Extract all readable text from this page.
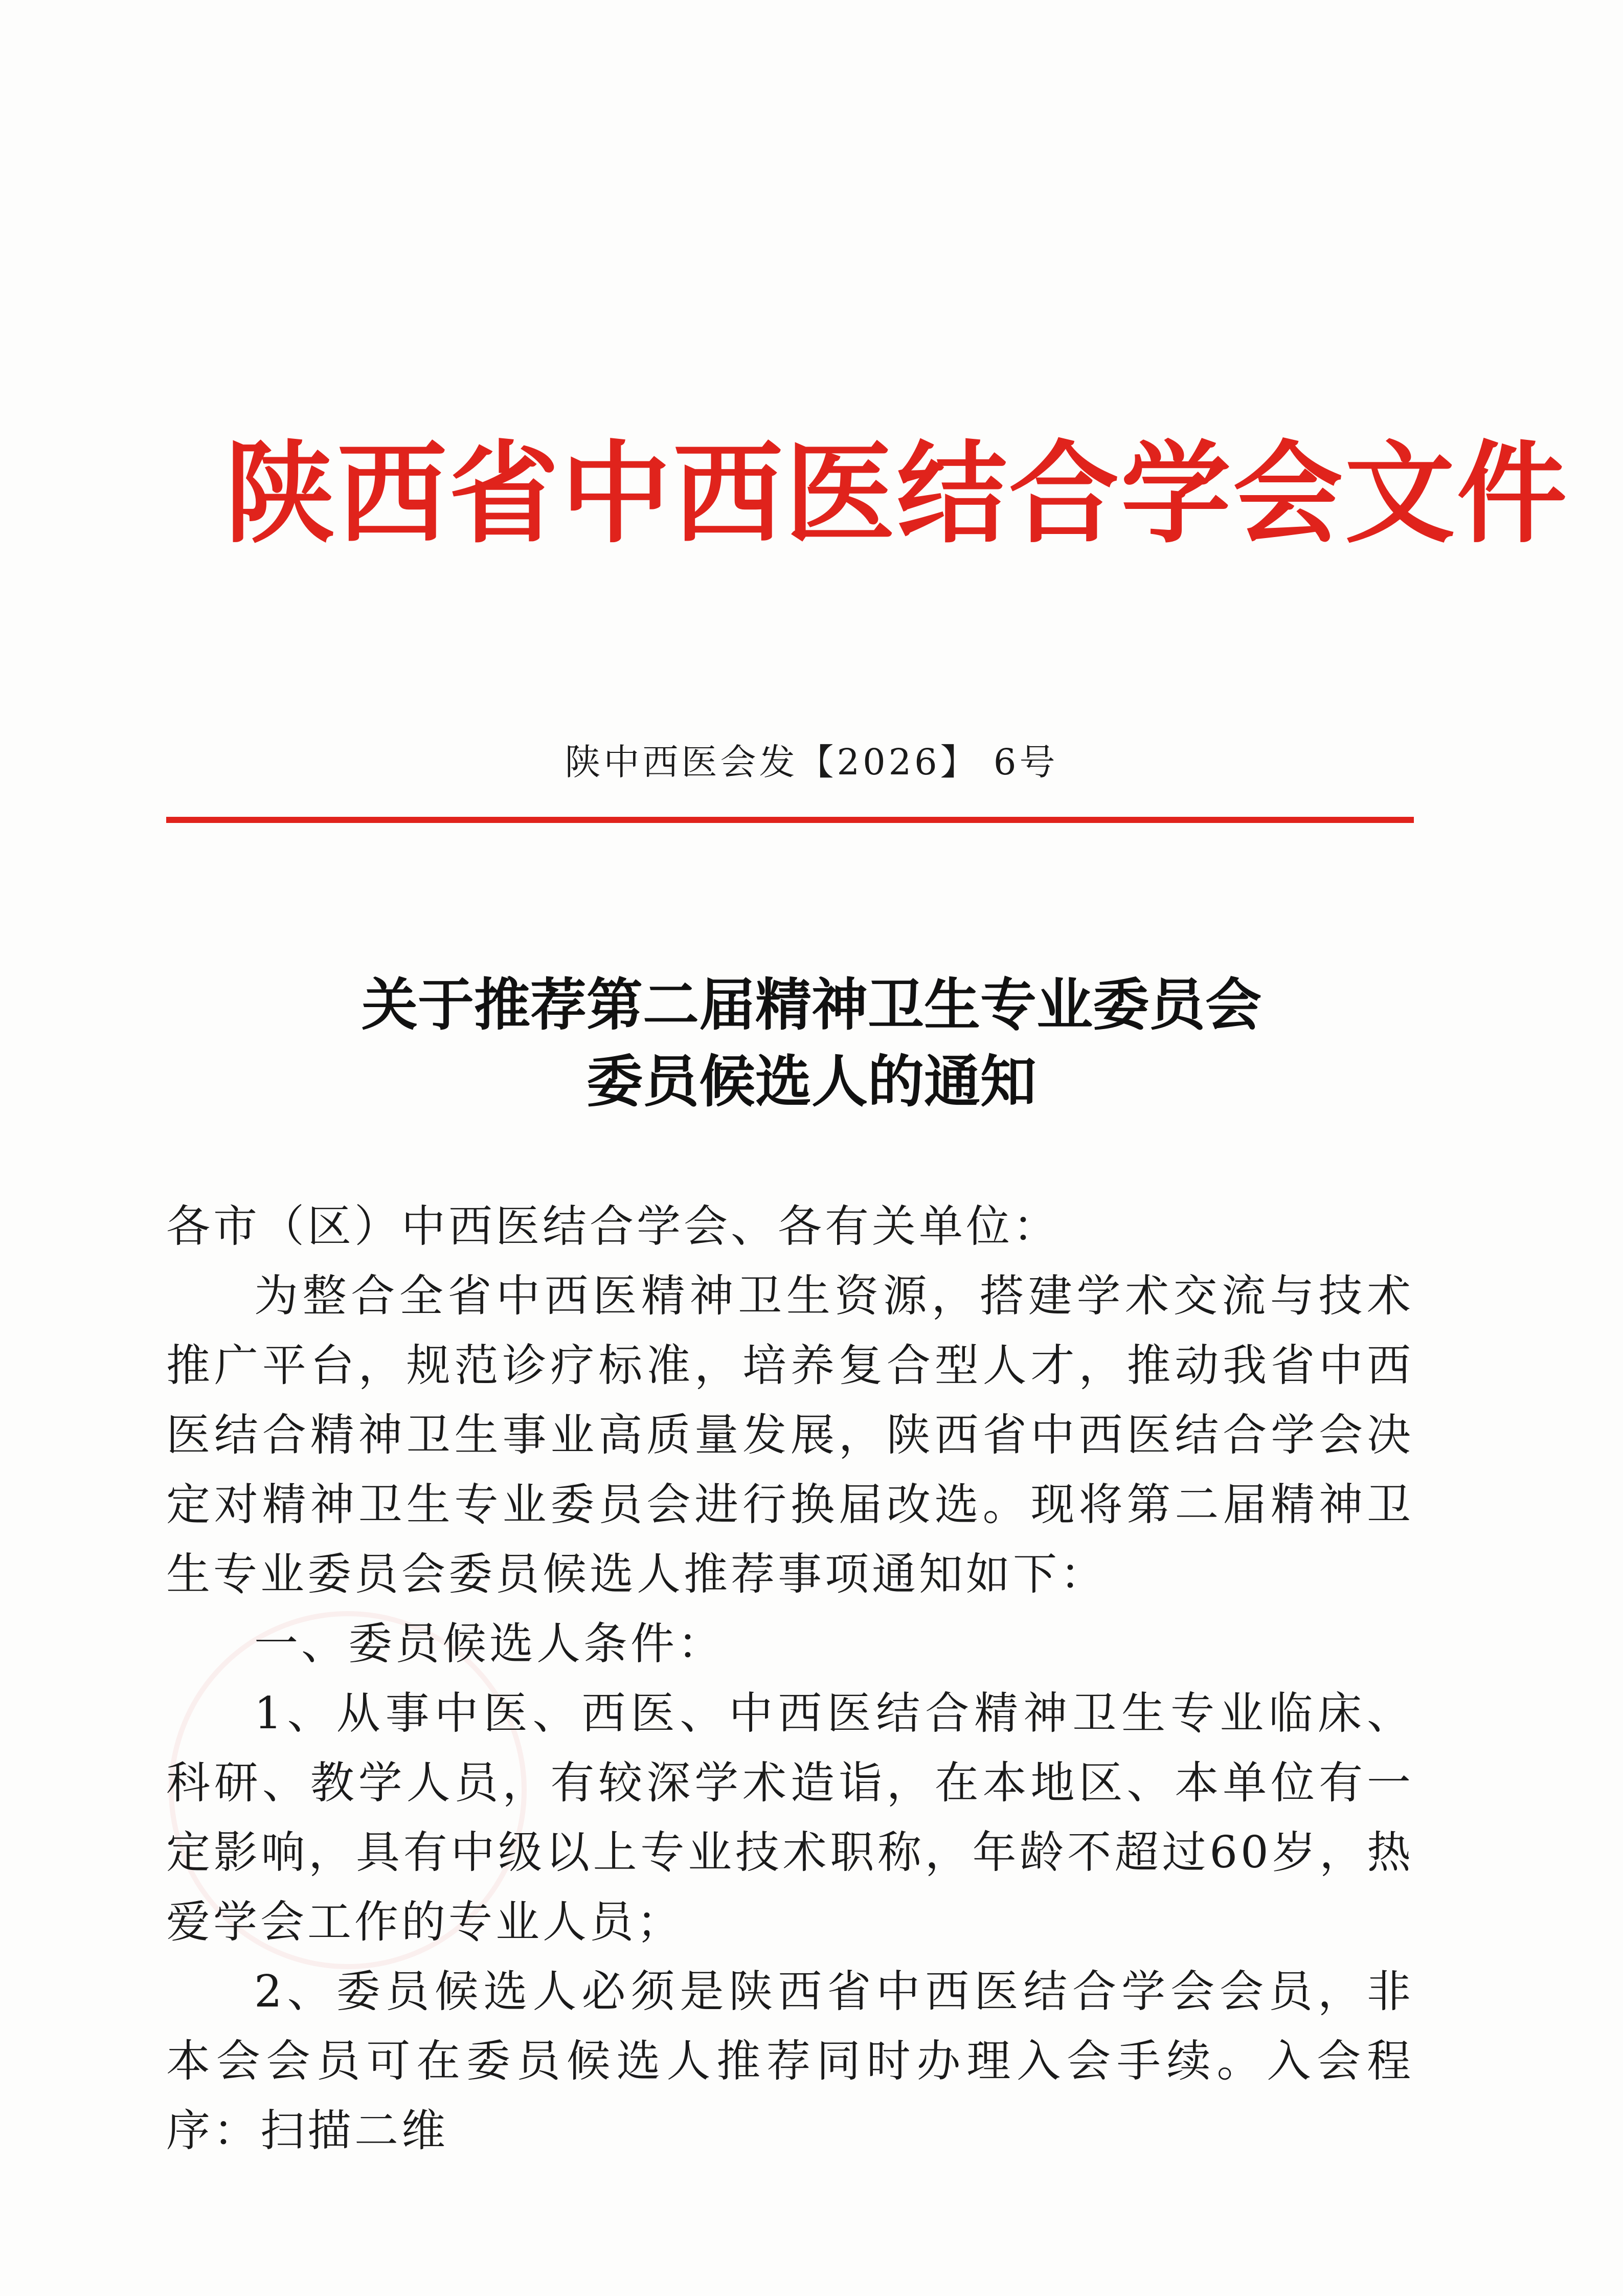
陕西省中西医结合学会文件
陕中西医会发【2026】 6号
关于推荐第二届精神卫生专业委员会
委员候选人的通知
各市（区）中西医结合学会、各有关单位：
为整合全省中西医精神卫生资源，搭建学术交流与技术推广平台，规范诊疗标准，培养复合型人才，推动我省中西医结合精神卫生事业高质量发展，陕西省中西医结合学会决定对精神卫生专业委员会进行换届改选。现将第二届精神卫生专业委员会委员候选人推荐事项通知如下：
一、委员候选人条件：
1、从事中医、西医、中西医结合精神卫生专业临床、科研、教学人员，有较深学术造诣，在本地区、本单位有一定影响，具有中级以上专业技术职称，年龄不超过60岁，热爱学会工作的专业人员；
2、委员候选人必须是陕西省中西医结合学会会员，非本会会员可在委员候选人推荐同时办理入会手续。入会程序：扫描二维
